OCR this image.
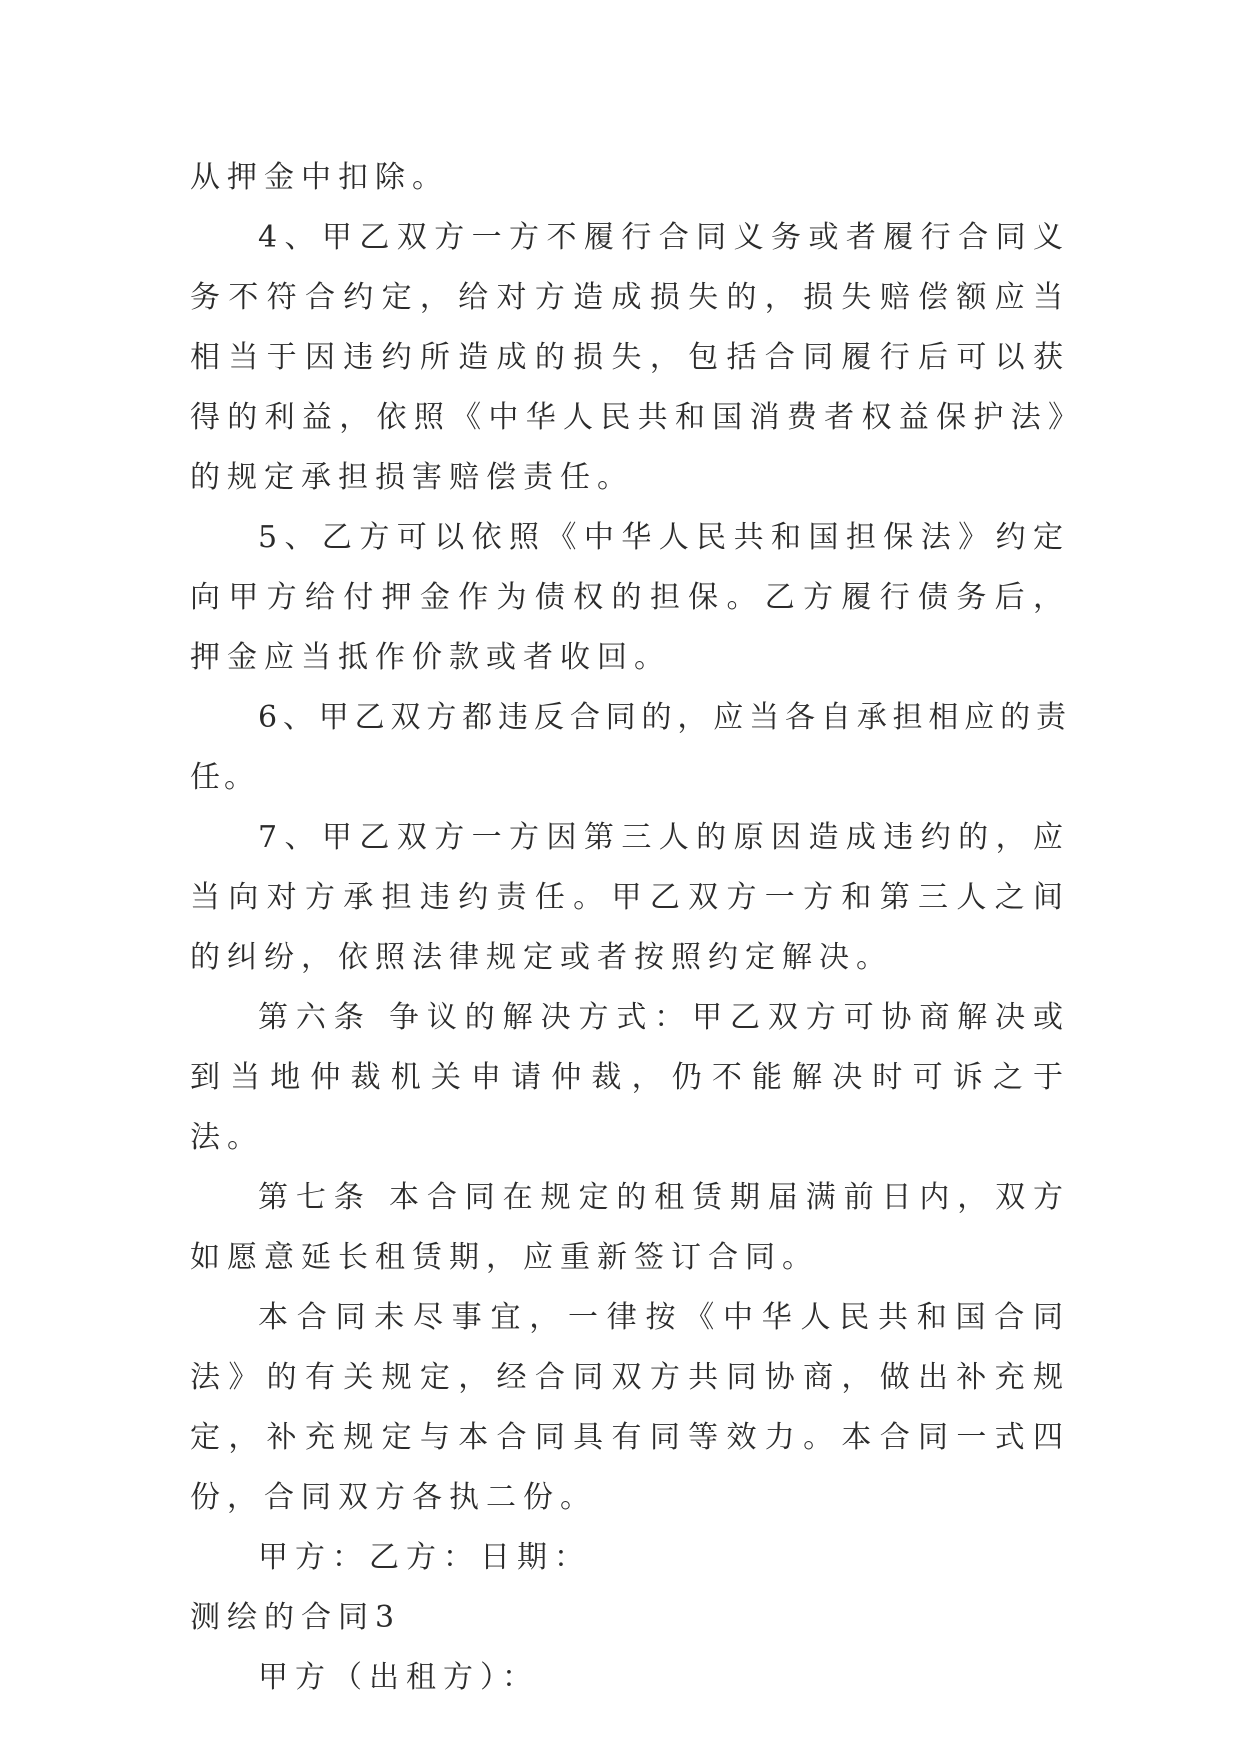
从押金中扣除。

4、甲乙双方一方不履行合同义务或者履行合同义务不符合约定，给对方造成损失的，损失赔偿额应当相当于因违约所造成的损失，包括合同履行后可以获得的利益，依照《中华人民共和国消费者权益保护法》的规定承担损害赔偿责任。

5、乙方可以依照《中华人民共和国担保法》约定向甲方给付押金作为债权的担保。乙方履行债务后，押金应当抵作价款或者收回。

6、甲乙双方都违反合同的，应当各自承担相应的责任。

7、甲乙双方一方因第三人的原因造成违约的，应当向对方承担违约责任。甲乙双方一方和第三人之间的纠纷，依照法律规定或者按照约定解决。

第六条 争议的解决方式：甲乙双方可协商解决或到当地仲裁机关申请仲裁，仍不能解决时可诉之于法。

第七条 本合同在规定的租赁期届满前日内，双方如愿意延长租赁期，应重新签订合同。

本合同未尽事宜，一律按《中华人民共和国合同法》的有关规定，经合同双方共同协商，做出补充规定，补充规定与本合同具有同等效力。本合同一式四份，合同双方各执二份。

甲方：乙方：日期：

测绘的合同3

甲方（出租方）：
